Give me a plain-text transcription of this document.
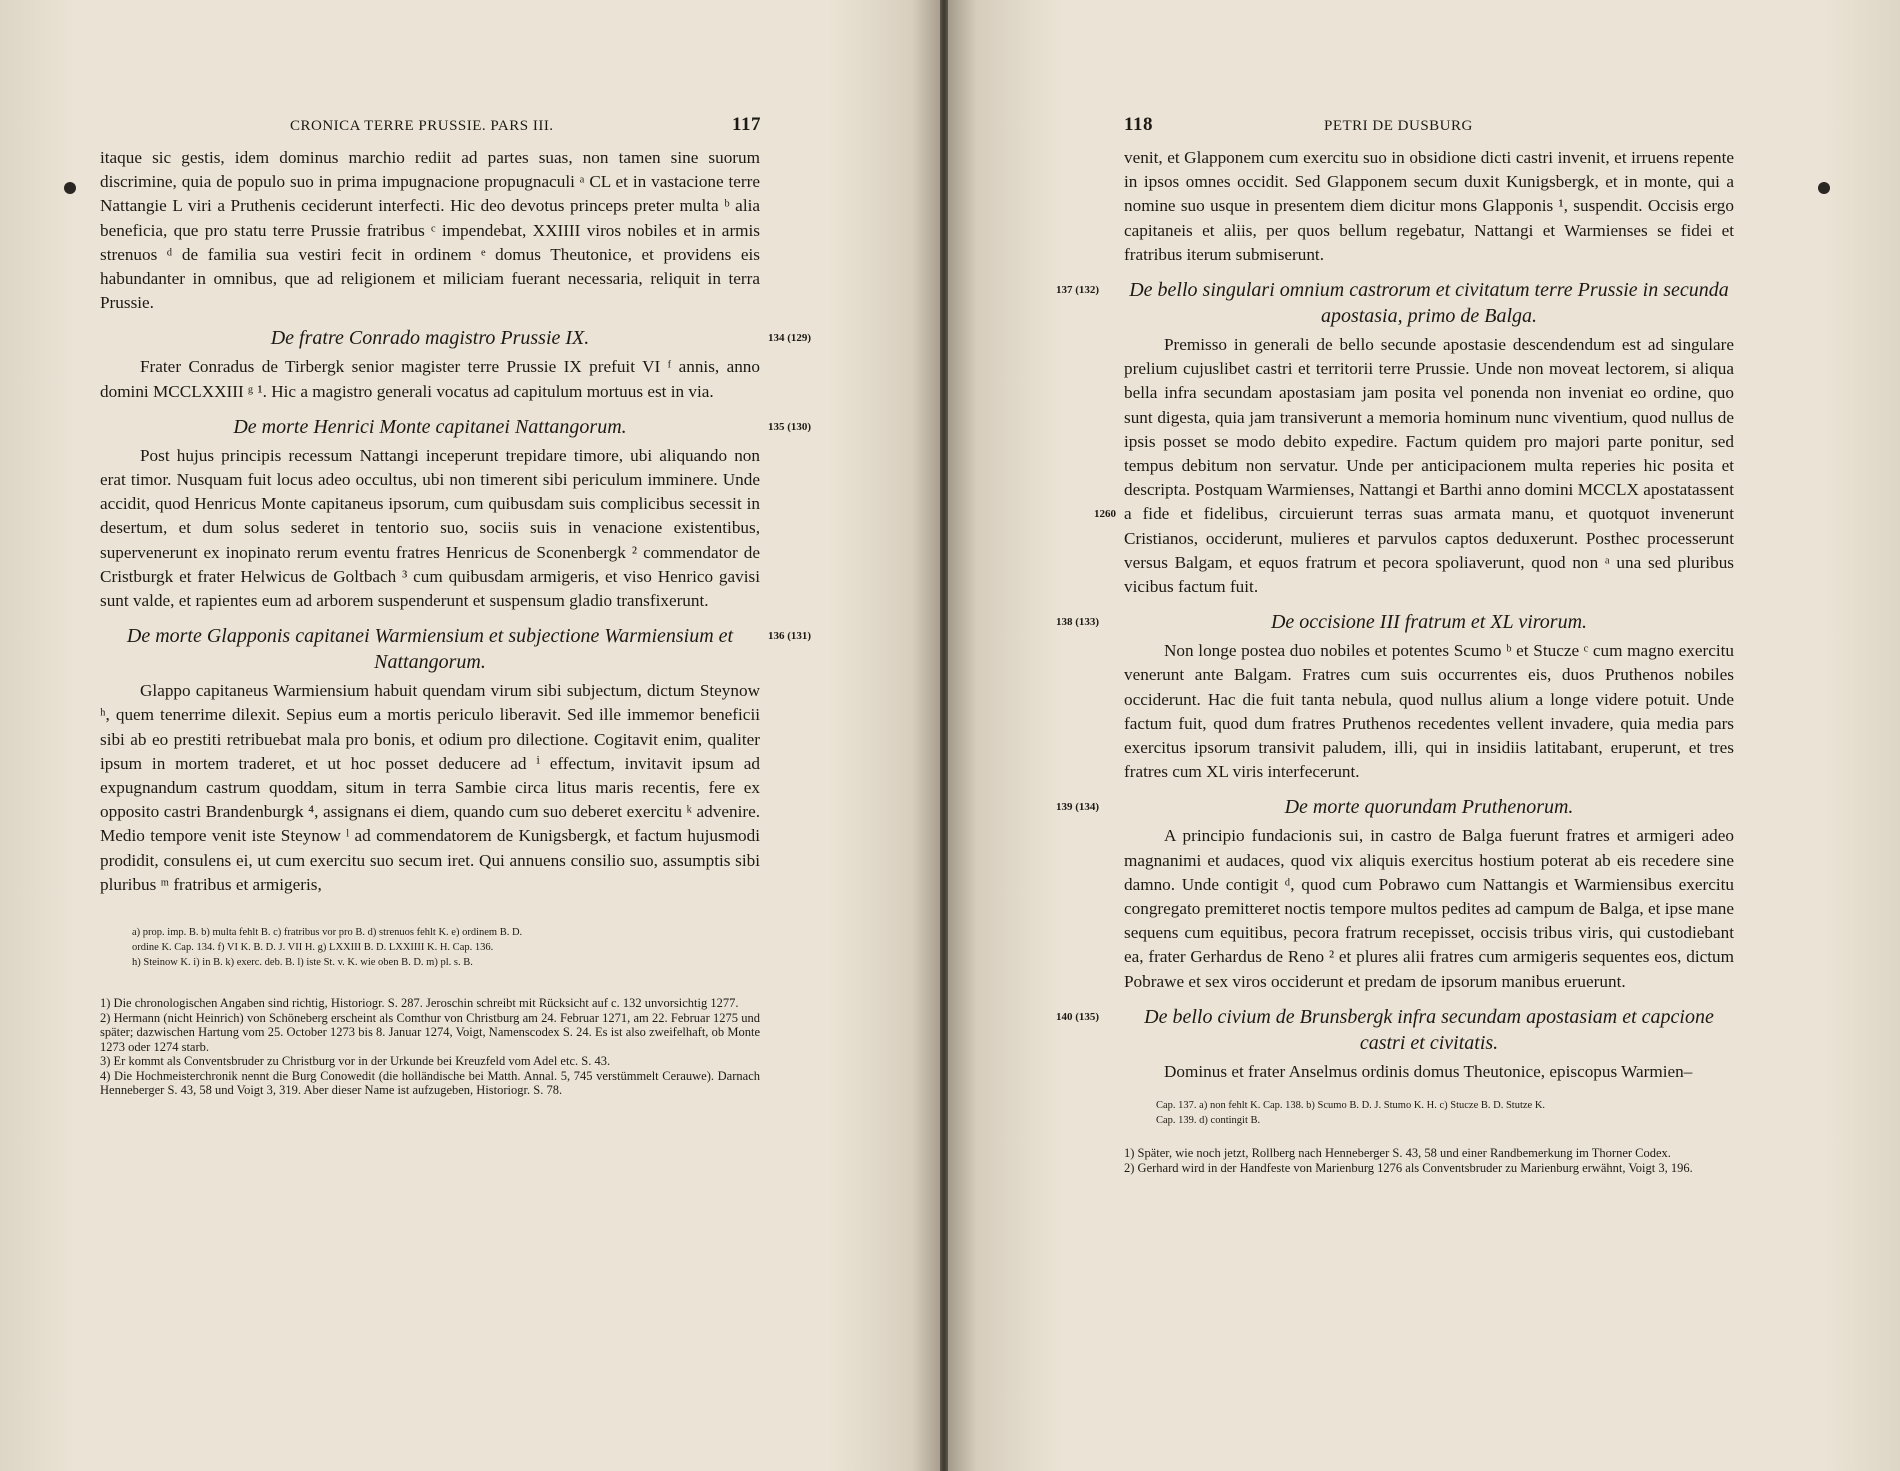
CRONICA TERRE PRUSSIE. PARS III.	117

itaque sic gestis, idem dominus marchio rediit ad partes suas, non tamen sine suorum discrimine, quia de populo suo in prima impugnacione propugnaculi ᵃ CL et in vastacione terre Nattangie L viri a Pruthenis ceciderunt interfecti. Hic deo devotus princeps preter multa ᵇ alia beneficia, que pro statu terre Prussie fratribus ᶜ impendebat, XXIIII viros nobiles et in armis strenuos ᵈ de familia sua vestiri fecit in ordinem ᵉ domus Theutonice, et providens eis habundanter in omnibus, que ad religionem et miliciam fuerant necessaria, reliquit in terra Prussie.

De fratre Conrado magistro Prussie IX.	134 (129)

Frater Conradus de Tirbergk senior magister terre Prussie IX prefuit VI ᶠ annis, anno domini MCCLXXIII ᵍ ¹. Hic a magistro generali vocatus ad capitulum mortuus est in via.

De morte Henrici Monte capitanei Nattangorum.	135 (130)

Post hujus principis recessum Nattangi inceperunt trepidare timore, ubi aliquando non erat timor. Nusquam fuit locus adeo occultus, ubi non timerent sibi periculum imminere. Unde accidit, quod Henricus Monte capitaneus ipsorum, cum quibusdam suis complicibus secessit in desertum, et dum solus sederet in tentorio suo, sociis suis in venacione existentibus, supervenerunt ex inopinato rerum eventu fratres Henricus de Sconenbergk ² commendator de Cristburgk et frater Helwicus de Goltbach ³ cum quibusdam armigeris, et viso Henrico gavisi sunt valde, et rapientes eum ad arborem suspenderunt et suspensum gladio transfixerunt.

De morte Glapponis capitanei Warmiensium et subjectione Warmiensium et Nattangorum.
136 (131)

Glappo capitaneus Warmiensium habuit quendam virum sibi subjectum, dictum Steynow ʰ, quem tenerrime dilexit. Sepius eum a mortis periculo liberavit. Sed ille immemor beneficii sibi ab eo prestiti retribuebat mala pro bonis, et odium pro dilectione. Cogitavit enim, qualiter ipsum in mortem traderet, et ut hoc posset deducere ad ⁱ effectum, invitavit ipsum ad expugnandum castrum quoddam, situm in terra Sambie circa litus maris recentis, fere ex opposito castri Brandenburgk ⁴, assignans ei diem, quando cum suo deberet exercitu ᵏ advenire. Medio tempore venit iste Steynow ˡ ad commendatorem de Kunigsbergk, et factum hujusmodi prodidit, consulens ei, ut cum exercitu suo secum iret. Qui annuens consilio suo, assumptis sibi pluribus ᵐ fratribus et armigeris,

a) prop. imp. B. b) multa fehlt B. c) fratribus vor pro B. d) strenuos fehlt K. e) ordinem B. D.
ordine K. Cap. 134. f) VI K. B. D. J. VII H. g) LXXIII B. D. LXXIIII K. H. Cap. 136.
h) Steinow K. i) in B. k) exerc. deb. B. l) iste St. v. K. wie oben B. D. m) pl. s. B.
1) Die chronologischen Angaben sind richtig, Historiogr. S. 287. Jeroschin schreibt mit Rücksicht auf c. 132 unvorsichtig 1277.
2) Hermann (nicht Heinrich) von Schöneberg erscheint als Comthur von Christburg am 24. Februar 1271, am 22. Februar 1275 und später; dazwischen Hartung vom 25. October 1273 bis 8. Januar 1274, Voigt, Namenscodex S. 24. Es ist also zweifelhaft, ob Monte 1273 oder 1274 starb.
3) Er kommt als Conventsbruder zu Christburg vor in der Urkunde bei Kreuzfeld vom Adel etc. S. 43.
4) Die Hochmeisterchronik nennt die Burg Conowedit (die holländische bei Matth. Annal. 5, 745 verstümmelt Cerauwe). Darnach Henneberger S. 43, 58 und Voigt 3, 319. Aber dieser Name ist aufzugeben, Historiogr. S. 78.
118	PETRI DE DUSBURG

venit, et Glapponem cum exercitu suo in obsidione dicti castri invenit, et irruens repente in ipsos omnes occidit. Sed Glapponem secum duxit Kunigsbergk, et in monte, qui a nomine suo usque in presentem diem dicitur mons Glapponis ¹, suspendit. Occisis ergo capitaneis et aliis, per quos bellum regebatur, Nattangi et Warmienses se fidei et fratribus iterum submiserunt.

De bello singulari omnium castrorum et civitatum terre Prussie in secunda apostasia, primo de Balga.
137 (132)
1260

Premisso in generali de bello secunde apostasie descendendum est ad singulare prelium cujuslibet castri et territorii terre Prussie. Unde non moveat lectorem, si aliqua bella infra secundam apostasiam jam posita vel ponenda non inveniat eo ordine, quo sunt digesta, quia jam transiverunt a memoria hominum nunc viventium, quod nullus de ipsis posset se modo debito expedire. Factum quidem pro majori parte ponitur, sed tempus debitum non servatur. Unde per anticipacionem multa reperies hic posita et descripta. Postquam Warmienses, Nattangi et Barthi anno domini MCCLX apostatassent a fide et fidelibus, circuierunt terras suas armata manu, et quotquot invenerunt Cristianos, occiderunt, mulieres et parvulos captos deduxerunt. Posthec processerunt versus Balgam, et equos fratrum et pecora spoliaverunt, quod non ᵃ una sed pluribus vicibus factum fuit.

De occisione III fratrum et XL virorum.
138 (133)

Non longe postea duo nobiles et potentes Scumo ᵇ et Stucze ᶜ cum magno exercitu venerunt ante Balgam. Fratres cum suis occurrentes eis, duos Pruthenos nobiles occiderunt. Hac die fuit tanta nebula, quod nullus alium a longe videre potuit. Unde factum fuit, quod dum fratres Pruthenos recedentes vellent invadere, quia media pars exercitus ipsorum transivit paludem, illi, qui in insidiis latitabant, eruperunt, et tres fratres cum XL viris interfecerunt.

De morte quorundam Pruthenorum.
139 (134)

A principio fundacionis sui, in castro de Balga fuerunt fratres et armigeri adeo magnanimi et audaces, quod vix aliquis exercitus hostium poterat ab eis recedere sine damno. Unde contigit ᵈ, quod cum Pobrawo cum Nattangis et Warmiensibus exercitu congregato premitteret noctis tempore multos pedites ad campum de Balga, et ipse mane sequens cum equitibus, pecora fratrum recepisset, occisis tribus viris, qui custodiebant ea, frater Gerhardus de Reno ² et plures alii fratres cum armigeris sequentes eos, dictum Pobrawe et sex viros occiderunt et predam de ipsorum manibus eruerunt.

De bello civium de Brunsbergk infra secundam apostasiam et capcione castri et civitatis.
140 (135)

Dominus et frater Anselmus ordinis domus Theutonice, episcopus Warmien–

Cap. 137. a) non fehlt K. Cap. 138. b) Scumo B. D. J. Stumo K. H. c) Stucze B. D. Stutze K.
Cap. 139. d) contingit B.
1) Später, wie noch jetzt, Rollberg nach Henneberger S. 43, 58 und einer Randbemerkung im Thorner Codex.
2) Gerhard wird in der Handfeste von Marienburg 1276 als Conventsbruder zu Marienburg erwähnt, Voigt 3, 196.
